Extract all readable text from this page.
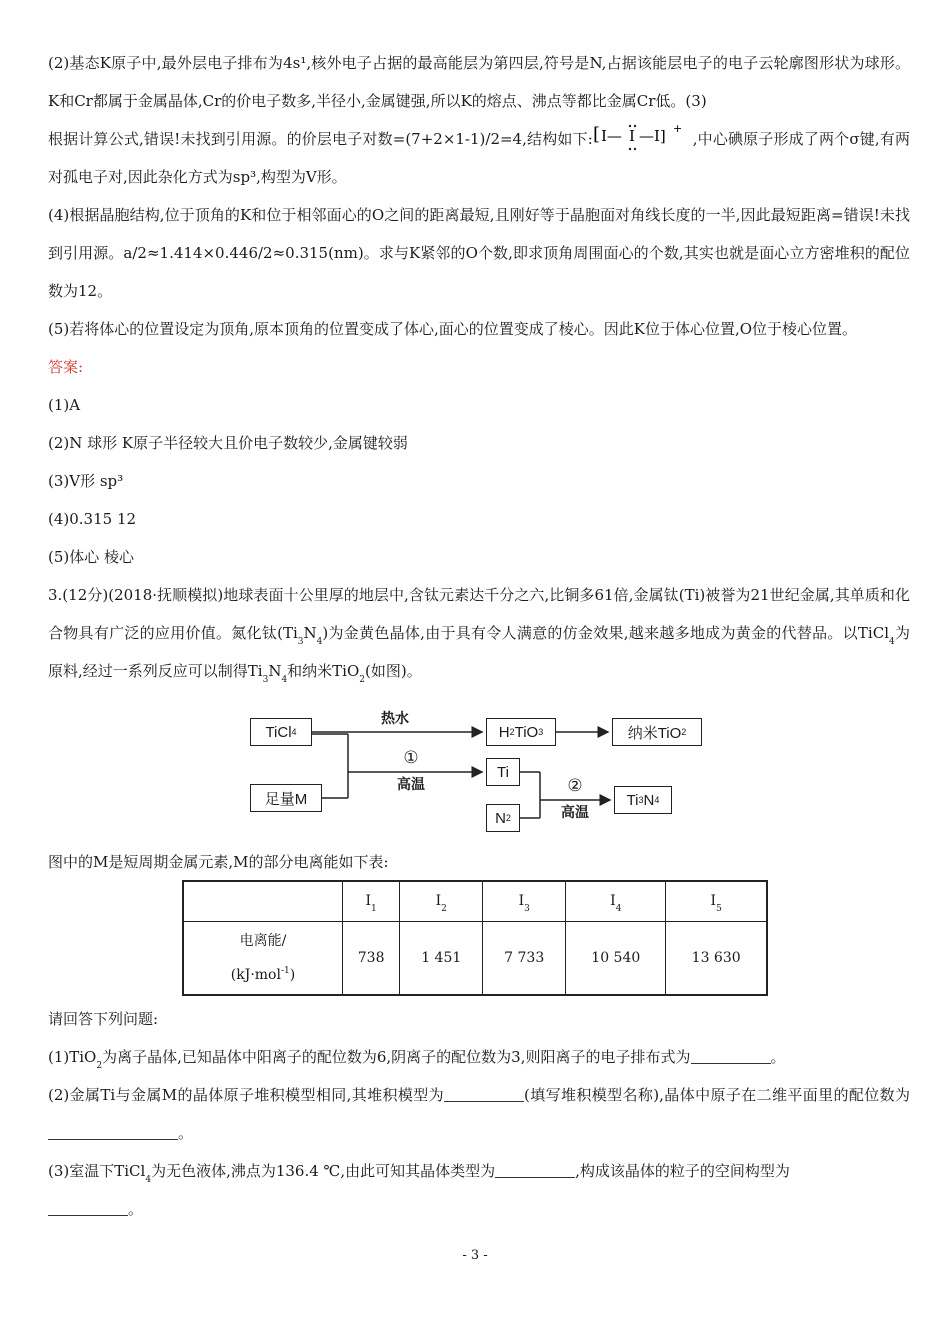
(2)基态K原子中,最外层电子排布为4s¹,核外电子占据的最高能层为第四层,符号是N,占据该能层电子的电子云轮廓图形状为球形。K和Cr都属于金属晶体,Cr的价电子数多,半径小,金属键强,所以K的熔点、沸点等都比金属Cr低。(3)

根据计算公式,错误!未找到引用源。的价层电子对数=(7+2×1-1)/2=4,结构如下: [ I— I —I] +
,中心碘原子形成了两个σ键,有两对孤电子对,因此杂化方式为sp³,构型为V形。

(4)根据晶胞结构,位于顶角的K和位于相邻面心的O之间的距离最短,且刚好等于晶胞面对角线长度的一半,因此最短距离=错误!未找到引用源。a/2≈1.414×0.446/2≈0.315(nm)。求与K紧邻的O个数,即求顶角周围面心的个数,其实也就是面心立方密堆积的配位数为12。

(5)若将体心的位置设定为顶角,原本顶角的位置变成了体心,面心的位置变成了棱心。因此K位于体心位置,O位于棱心位置。

答案:

(1)A

(2)N 球形 K原子半径较大且价电子数较少,金属键较弱

(3)V形 sp³

(4)0.315 12

(5)体心 棱心

3.(12分)(2018·抚顺模拟)地球表面十公里厚的地层中,含钛元素达千分之六,比铜多61倍,金属钛(Ti)被誉为21世纪金属,其单质和化合物具有广泛的应用价值。氮化钛$(Ti_3N_4)$为金黄色晶体,由于具有令人满意的仿金效果,越来越多地成为黄金的代替品。以TiCl$_4$为原料,经过一系列反应可以制得$Ti_3N_4$和纳米TiO$_2$(如图)。

TiCl 4
足量M
H 2 TiO 3	纳米TiO 2
Ti
N 2
Ti 3 N 4
热水
①
高温	②
高温

图中的M是短周期金属元素,M的部分电离能如下表:

	$I_1$	$I_2$	$I_3$	$I_4$	$I_5$
电离能/
(kJ·mol$^{-1}$)	738	1 451	7 733	10 540	13 630

请回答下列问题:

(1)TiO$_2$为离子晶体,已知晶体中阳离子的配位数为6,阴离子的配位数为3,则阳离子的电子排布式为	。

(2)金属Ti与金属M的晶体原子堆积模型相同,其堆积模型为	(填写堆积模型名称),晶体中原子在二维平面里的配位数为。

(3)室温下TiCl$_4$为无色液体,沸点为136.4 ℃,由此可知其晶体类型为	,构成该晶体的粒子的空间构型为
。

- 3 -
